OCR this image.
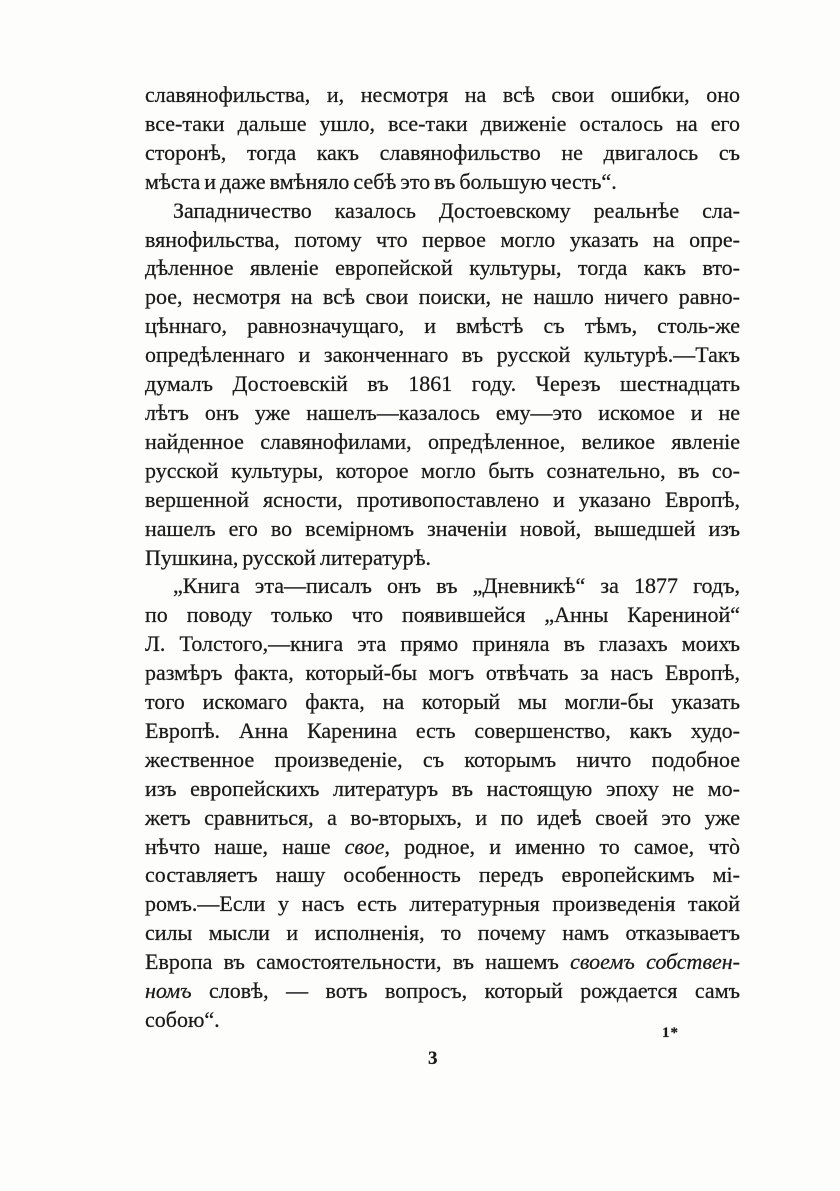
славянофильства, и, несмотря на всѣ свои ошибки, оно
все-таки дальше ушло, все-таки движеніе осталось на его
сторонѣ, тогда какъ славянофильство не двигалось съ
мѣста и даже вмѣняло себѣ это въ большую честь“.
Западничество казалось Достоевскому реальнѣе сла-
вянофильства, потому что первое могло указать на опре-
дѣленное явленіе европейской культуры, тогда какъ вто-
рое, несмотря на всѣ свои поиски, не нашло ничего равно-
цѣннаго, равнозначущаго, и вмѣстѣ съ тѣмъ, столь-же
опредѣленнаго и законченнаго въ русской культурѣ.—Такъ
думалъ Достоевскій въ 1861 году. Черезъ шестнадцать
лѣтъ онъ уже нашелъ—казалось ему—это искомое и не
найденное славянофилами, опредѣленное, великое явленіе
русской культуры, которое могло быть сознательно, въ со-
вершенной ясности, противопоставлено и указано Европѣ,
нашелъ его во всемірномъ значеніи новой, вышедшей изъ
Пушкина, русской литературѣ.
„Книга эта—писалъ онъ въ „Дневникѣ“ за 1877 годъ,
по поводу только что появившейся „Анны Карениной“
Л. Толстого,—книга эта прямо приняла въ глазахъ моихъ
размѣръ факта, который-бы могъ отвѣчать за насъ Европѣ,
того искомаго факта, на который мы могли-бы указать
Европѣ. Анна Каренина есть совершенство, какъ худо-
жественное произведеніе, съ которымъ ничто подобное
изъ европейскихъ литературъ въ настоящую эпоху не мо-
жетъ сравниться, а во-вторыхъ, и по идеѣ своей это уже
нѣчто наше, наше свое, родное, и именно то самое, чтò
составляетъ нашу особенность передъ европейскимъ мі-
ромъ.—Если у насъ есть литературныя произведенія такой
силы мысли и исполненія, то почему намъ отказываетъ
Европа въ самостоятельности, въ нашемъ своемъ собствен-
номъ словѣ, — вотъ вопросъ, который рождается самъ
собою“.
1*
3
